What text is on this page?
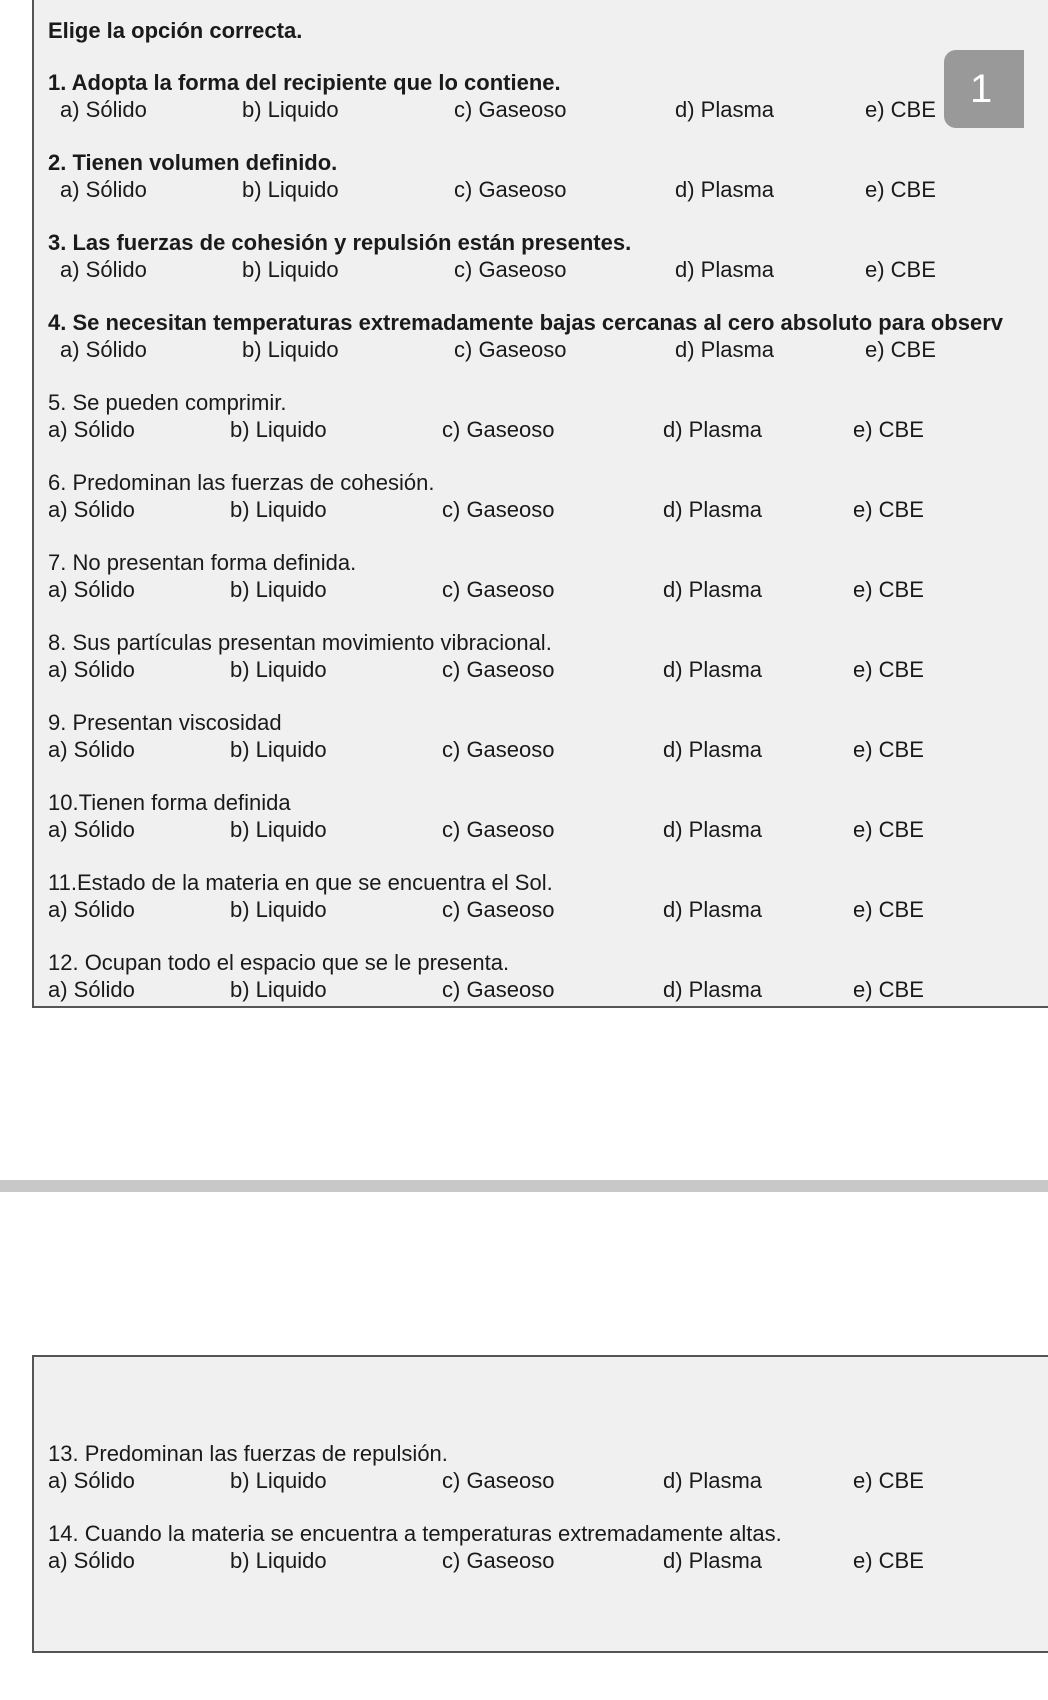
Elige la opción correcta.
1. Adopta la forma del recipiente que lo contiene.
a) Sólido	b) Liquido	c) Gaseoso	d) Plasma	e) CBE
2. Tienen volumen definido.
a) Sólido	b) Liquido	c) Gaseoso	d) Plasma	e) CBE
3. Las fuerzas de cohesión y repulsión están presentes.
a) Sólido	b) Liquido	c) Gaseoso	d) Plasma	e) CBE
4. Se necesitan temperaturas extremadamente bajas cercanas al cero absoluto para observ
a) Sólido	b) Liquido	c) Gaseoso	d) Plasma	e) CBE
5. Se pueden comprimir.
a) Sólido	b) Liquido	c) Gaseoso	d) Plasma	e) CBE
6. Predominan las fuerzas de cohesión.
a) Sólido	b) Liquido	c) Gaseoso	d) Plasma	e) CBE
7. No presentan forma definida.
a) Sólido	b) Liquido	c) Gaseoso	d) Plasma	e) CBE
8. Sus partículas presentan movimiento vibracional.
a) Sólido	b) Liquido	c) Gaseoso	d) Plasma	e) CBE
9. Presentan viscosidad
a) Sólido	b) Liquido	c) Gaseoso	d) Plasma	e) CBE
10.Tienen forma definida
a) Sólido	b) Liquido	c) Gaseoso	d) Plasma	e) CBE
11.Estado de la materia en que se encuentra el Sol.
a) Sólido	b) Liquido	c) Gaseoso	d) Plasma	e) CBE
12. Ocupan todo el espacio que se le presenta.
a) Sólido	b) Liquido	c) Gaseoso	d) Plasma	e) CBE
1
13. Predominan las fuerzas de repulsión.
a) Sólido	b) Liquido	c) Gaseoso	d) Plasma	e) CBE
14. Cuando la materia se encuentra a temperaturas extremadamente altas.
a) Sólido	b) Liquido	c) Gaseoso	d) Plasma	e) CBE
